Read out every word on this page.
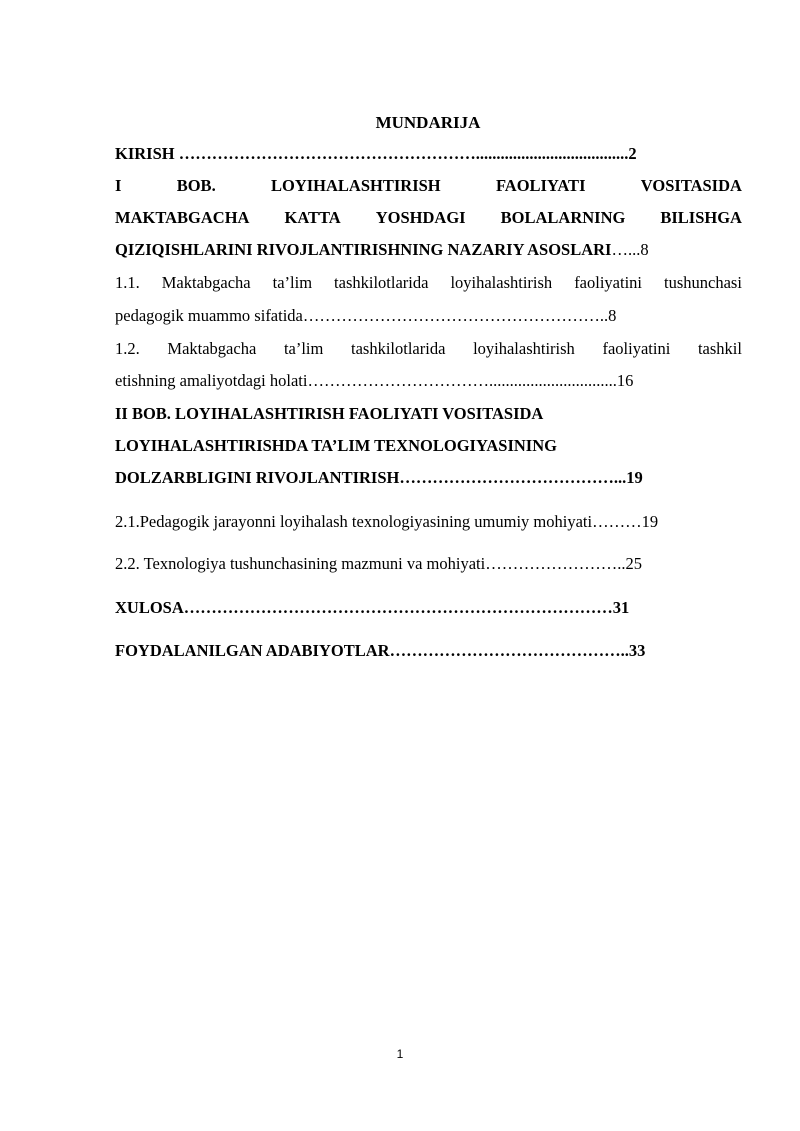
MUNDARIJA
KIRISH ……………………………………………….....................................2
I	BOB.	LOYIHALASHTIRISH	FAOLIYATI	VOSITASIDA
MAKTABGACHA KATTA YOSHDAGI BOLALARNING BILISHGA
QIZIQISHLARINI RIVOJLANTIRISHNING NAZARIY ASOSLARI…...8
1.1. Maktabgacha ta’lim tashkilotlarida loyihalashtirish faoliyatini tushunchasi
pedagogik muammo sifatida………………………………………………..8
1.2. Maktabgacha ta’lim tashkilotlarida loyihalashtirish faoliyatini tashkil
etishning amaliyotdagi holati……………………………...............................16
II BOB. LOYIHALASHTIRISH FAOLIYATI VOSITASIDA
LOYIHALASHTIRISHDA TA’LIM TEXNOLOGIYASINING
DOLZARBLIGINI RIVOJLANTIRISH…………………………………...19
2.1.Pedagogik jarayonni loyihalash texnologiyasining umumiy mohiyati………19
2.2. Texnologiya tushunchasining mazmuni va mohiyati……………………..25
XULOSA……………………………………………………………………31
FOYDALANILGAN ADABIYOTLAR……………………………………..33
1
